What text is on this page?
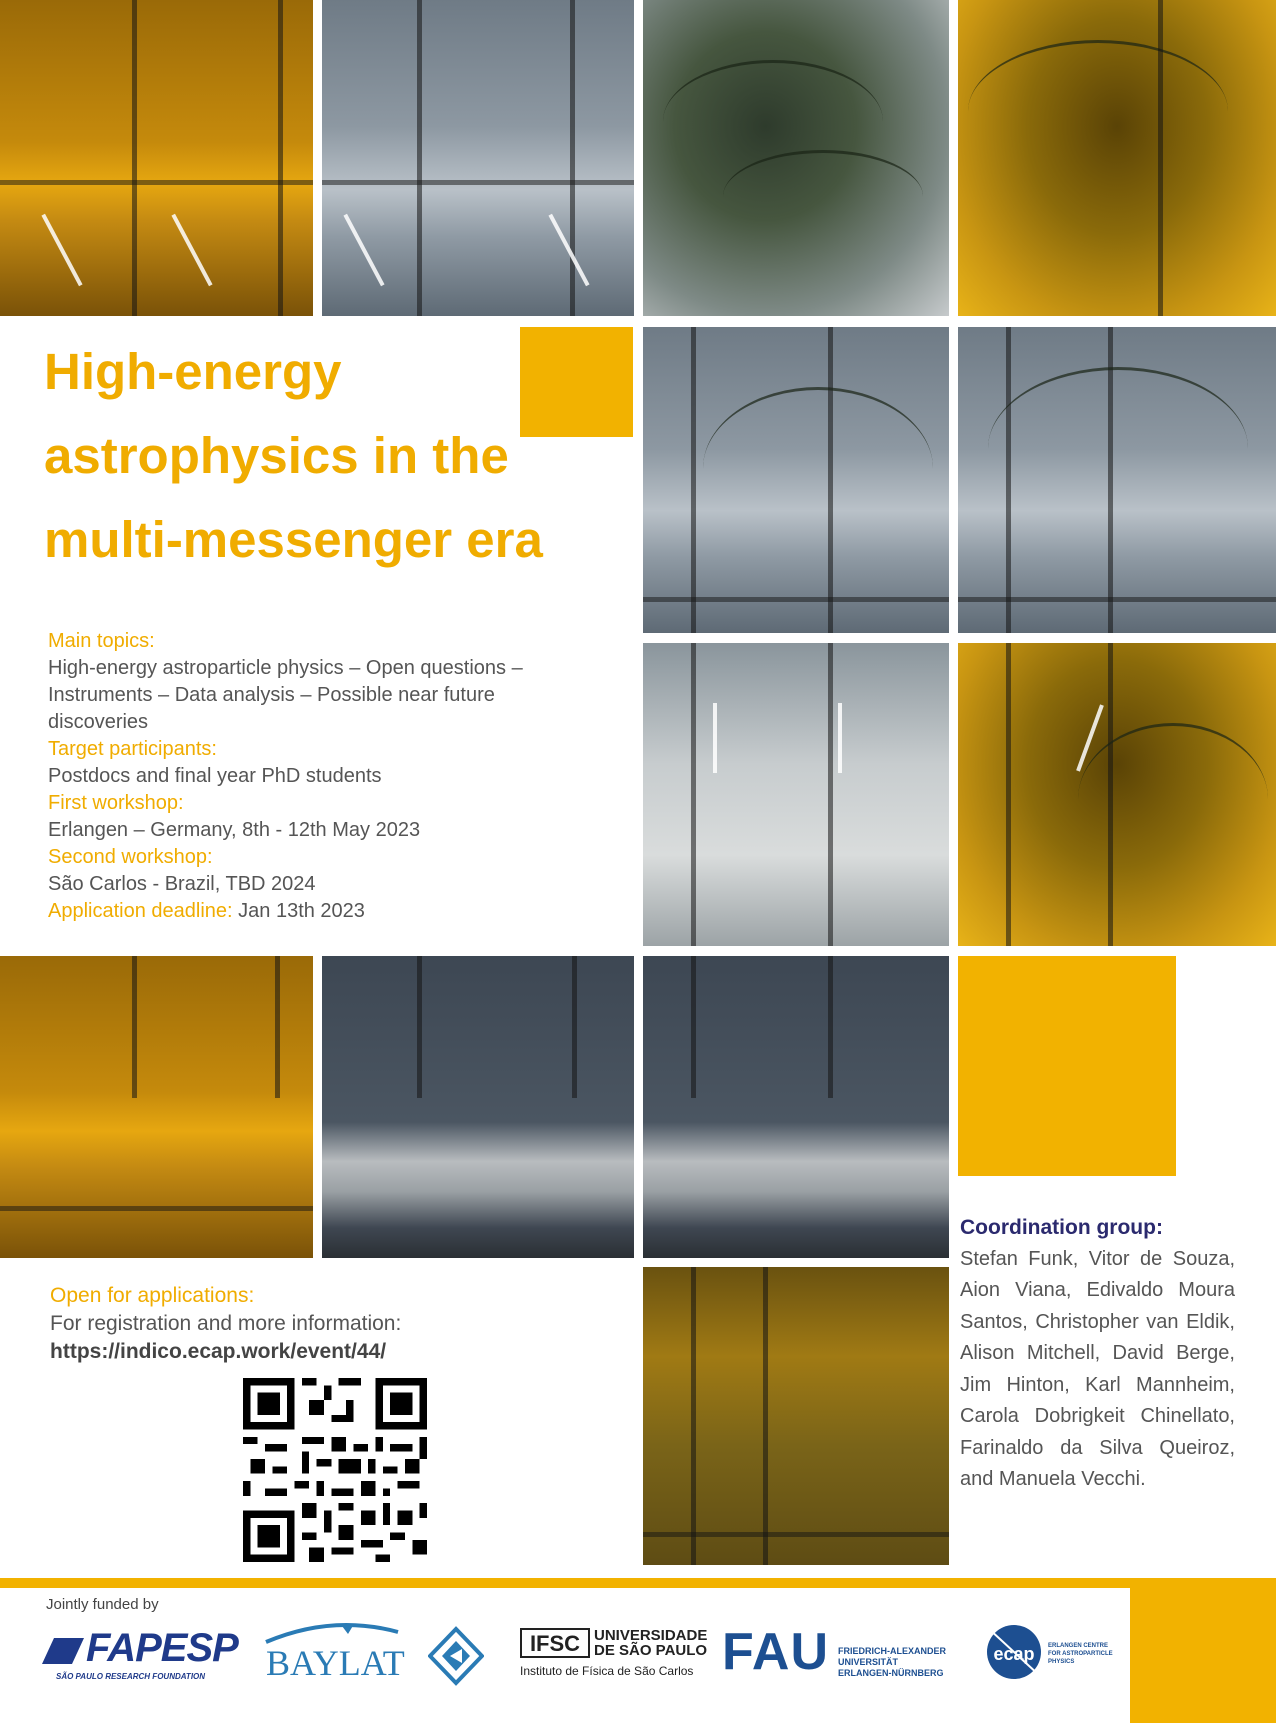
High-energy
astrophysics in the
multi-messenger era
Main topics:
High-energy astroparticle physics – Open questions – Instruments – Data analysis – Possible near future discoveries
Target participants:
Postdocs and final year PhD students
First workshop:
Erlangen – Germany, 8th - 12th May 2023
Second workshop:
São Carlos - Brazil, TBD 2024
Application deadline: Jan 13th 2023
Open for applications:
For registration and more information:
https://indico.ecap.work/event/44/
Coordination group:
Stefan Funk, Vitor de Souza, Aion Viana, Edivaldo Moura Santos, Christopher van Eldik, Alison Mitchell, David Berge, Jim Hinton, Karl Mannheim, Carola Dobrigkeit Chinellato, Farinaldo da Silva Queiroz, and Manuela Vecchi.
Jointly funded by
FAPESP
SÃO PAULO RESEARCH FOUNDATION BAYLAT	IFSC UNIVERSIDADE
DE SÃO PAULO
Instituto de Física de São Carlos FAU FRIEDRICH-ALEXANDER
UNIVERSITÄT
ERLANGEN-NÜRNBERG
ecap ERLANGEN CENTRE
FOR ASTROPARTICLE
PHYSICS
